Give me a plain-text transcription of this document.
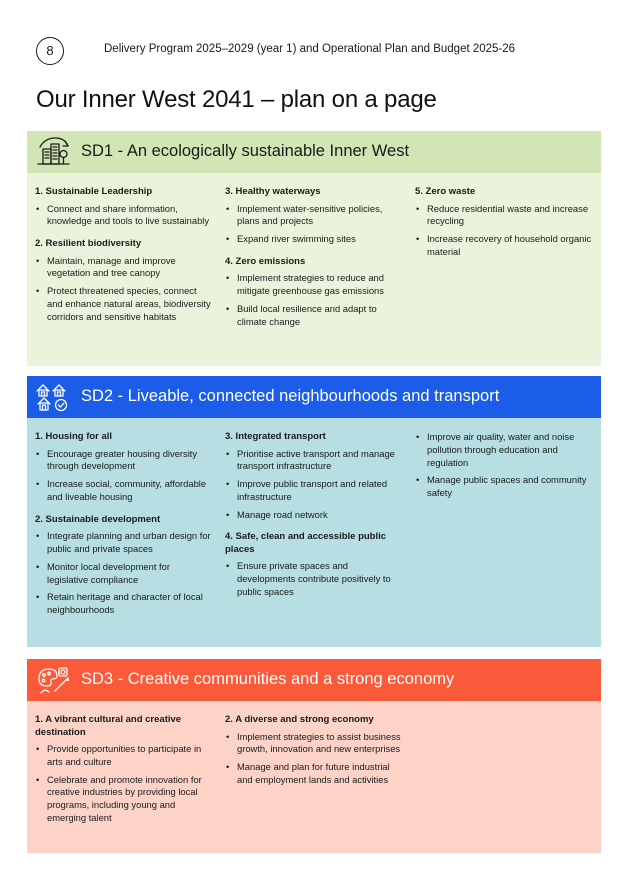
8	Delivery Program 2025–2029 (year 1) and Operational Plan and Budget 2025-26
Our Inner West 2041 – plan on a page
SD1 - An ecologically sustainable Inner West
1. Sustainable Leadership
• Connect and share information, knowledge and tools to live sustainably
2. Resilient biodiversity
• Maintain, manage and improve vegetation and tree canopy
• Protect threatened species, connect and enhance natural areas, biodiversity corridors and sensitive habitats
3. Healthy waterways
• Implement water-sensitive policies, plans and projects
• Expand river swimming sites
4. Zero emissions
• Implement strategies to reduce and mitigate greenhouse gas emissions
• Build local resilience and adapt to climate change
5. Zero waste
• Reduce residential waste and increase recycling
• Increase recovery of household organic material
SD2 - Liveable, connected neighbourhoods and transport
1. Housing for all
• Encourage greater housing diversity through development
• Increase social, community, affordable and liveable housing
2. Sustainable development
• Integrate planning and urban design for public and private spaces
• Monitor local development for legislative compliance
• Retain heritage and character of local neighbourhoods
3. Integrated transport
• Prioritise active transport and manage transport infrastructure
• Improve public transport and related infrastructure
• Manage road network
4. Safe, clean and accessible public places
• Ensure private spaces and developments contribute positively to public spaces
• Improve air quality, water and noise pollution through education and regulation
• Manage public spaces and community safety
SD3 - Creative communities and a strong economy
1. A vibrant cultural and creative destination
• Provide opportunities to participate in arts and culture
• Celebrate and promote innovation for creative industries by providing local programs, including young and emerging talent
2. A diverse and strong economy
• Implement strategies to assist business growth, innovation and new enterprises
• Manage and plan for future industrial and employment lands and activities
